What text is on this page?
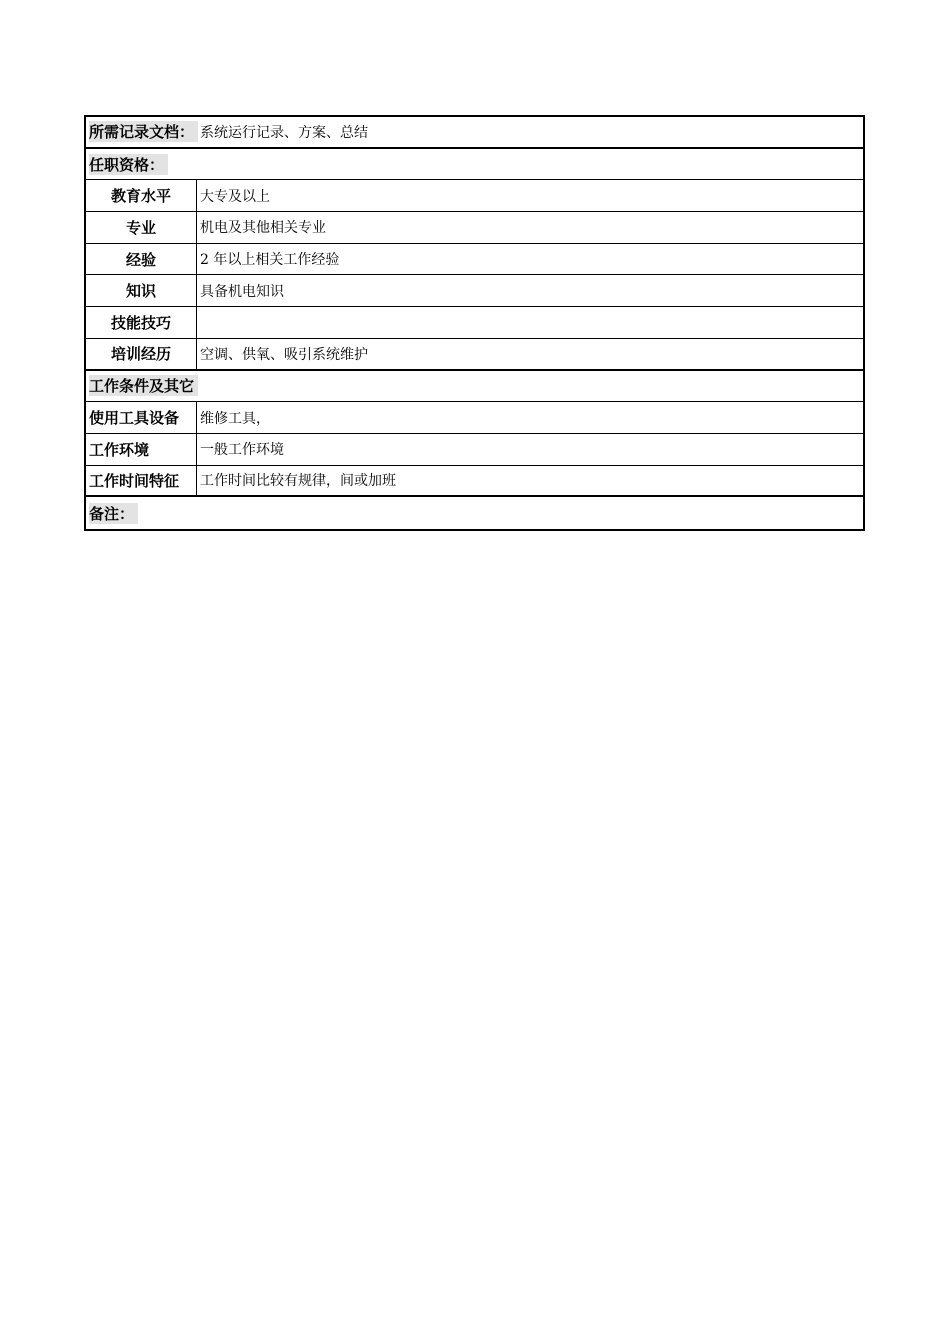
所需记录文档： 系统运行记录、方案、总结
任职资格：
教育水平	大专及以上
专业	机电及其他相关专业
经验	2 年以上相关工作经验
知识	具备机电知识
技能技巧
培训经历	空调、供氧、吸引系统维护
工作条件及其它
使用工具设备	维修工具，
工作环境	一般工作环境
工作时间特征	工作时间比较有规律，间或加班
备注：
